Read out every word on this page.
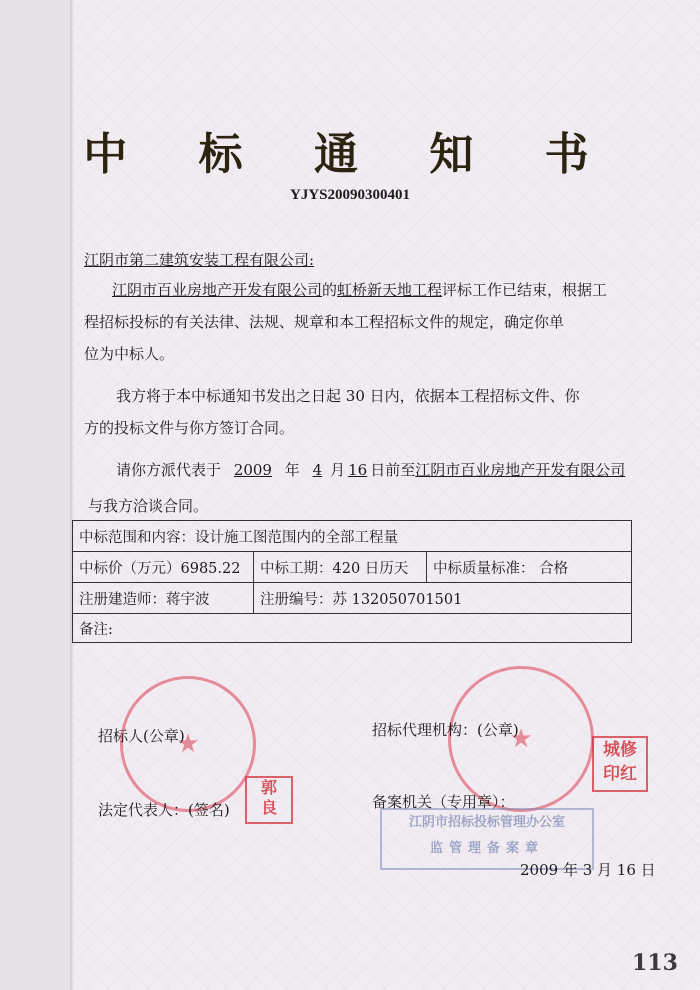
中 标 通 知 书
YJYS20090300401
江阴市第二建筑安装工程有限公司:
江阴市百业房地产开发有限公司的虹桥新天地工程评标工作已结束，根据工
程招标投标的有关法律、法规、规章和本工程招标文件的规定，确定你单
位为中标人。
我方将于本中标通知书发出之日起 30 日内，依据本工程招标文件、你
方的投标文件与你方签订合同。
请你方派代表于 2009 年 4 月 16 日前至江阴市百业房地产开发有限公司
与我方洽谈合同。
中标范围和内容：设计施工图范围内的全部工程量		
中标价（万元）6985.22	中标工期：420 日历天	中标质量标准： 合格
注册建造师：蒋宇波	注册编号：苏 132050701501	
备注:		
★	★
郭
良
城修
印红
江阴市招标投标管理办公室
监管理备案章
招标人(公章)	招标代理机构：(公章)
法定代表人：(签名)	备案机关（专用章）：
2009 年 3 月 16 日
113
